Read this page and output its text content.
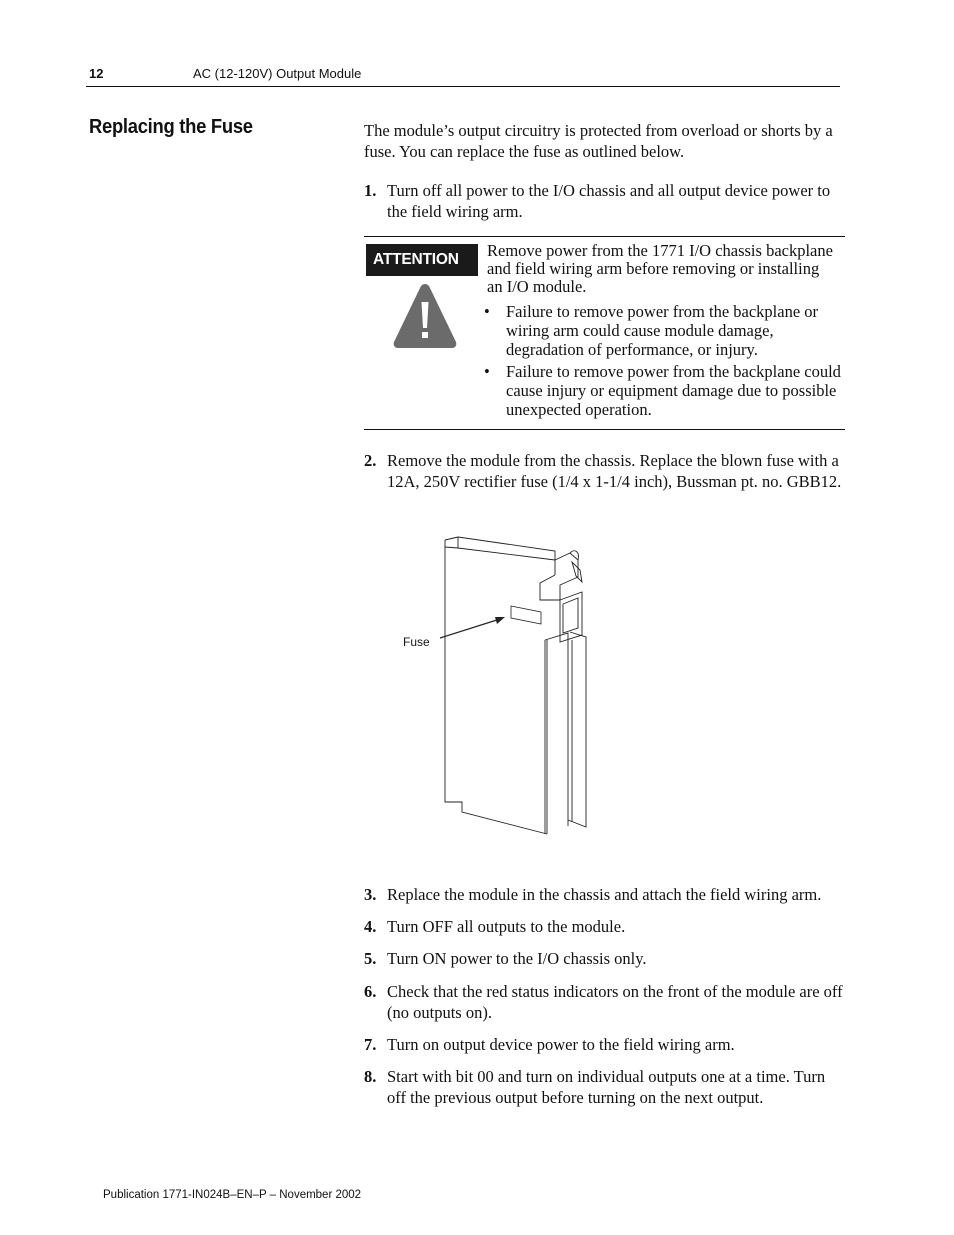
12	AC (12-120V) Output Module
Replacing the Fuse	The module’s output circuitry is protected from overload or shorts by a fuse. You can replace the fuse as outlined below.
1. Turn off all power to the I/O chassis and all output device power to the field wiring arm.
ATTENTION	Remove power from the 1771 I/O chassis backplane and field wiring arm before removing or installing an I/O module.
• Failure to remove power from the backplane or wiring arm could cause module damage, degradation of performance, or injury.
• Failure to remove power from the backplane could cause injury or equipment damage due to possible unexpected operation.
2. Remove the module from the chassis. Replace the blown fuse with a 12A, 250V rectifier fuse (1/4 x 1-1/4 inch), Bussman pt. no. GBB12.
Fuse
3. Replace the module in the chassis and attach the field wiring arm.
4. Turn OFF all outputs to the module.
5. Turn ON power to the I/O chassis only.
6. Check that the red status indicators on the front of the module are off (no outputs on).
7. Turn on output device power to the field wiring arm.
8. Start with bit 00 and turn on individual outputs one at a time. Turn off the previous output before turning on the next output.
Publication 1771-IN024B–EN–P – November 2002
